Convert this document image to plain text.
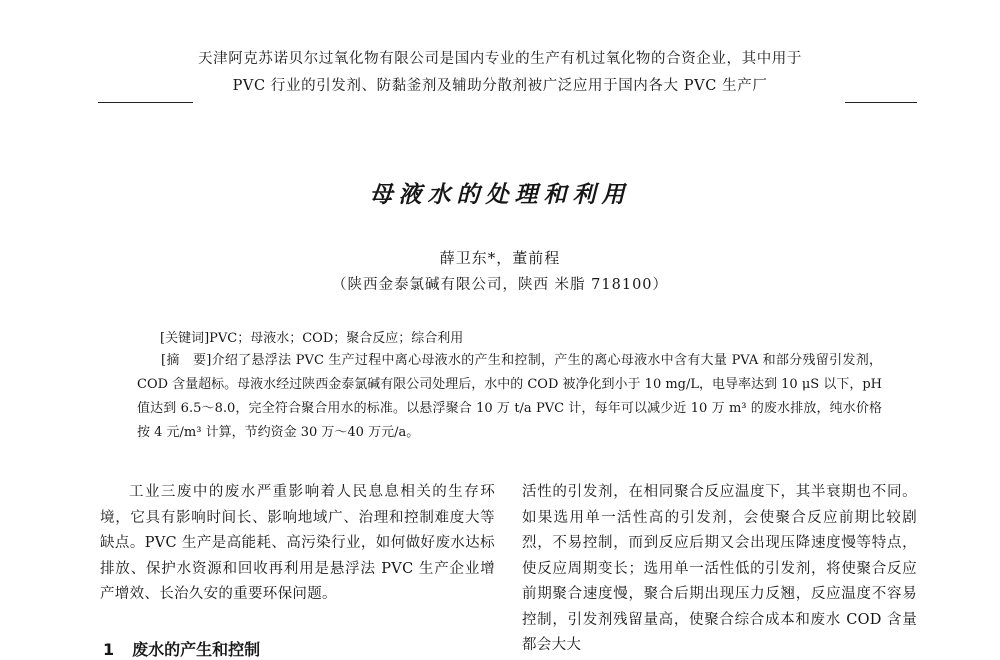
天津阿克苏诺贝尔过氧化物有限公司是国内专业的生产有机过氧化物的合资企业，其中用于
PVC 行业的引发剂、防黏釜剂及辅助分散剂被广泛应用于国内各大 PVC 生产厂
母液水的处理和利用
薛卫东*，董前程
（陕西金泰氯碱有限公司，陕西 米脂 718100）
[关键词]PVC；母液水；COD；聚合反应；综合利用
[摘　要]介绍了悬浮法 PVC 生产过程中离心母液水的产生和控制，产生的离心母液水中含有大量 PVA 和部分残留引发剂，COD 含量超标。母液水经过陕西金泰氯碱有限公司处理后，水中的 COD 被净化到小于 10 mg/L，电导率达到 10 μS 以下，pH 值达到 6.5～8.0，完全符合聚合用水的标准。以悬浮聚合 10 万 t/a PVC 计，每年可以减少近 10 万 m³ 的废水排放，纯水价格按 4 元/m³ 计算，节约资金 30 万～40 万元/a。
工业三废中的废水严重影响着人民息息相关的生存环境，它具有影响时间长、影响地域广、治理和控制难度大等缺点。PVC 生产是高能耗、高污染行业，如何做好废水达标排放、保护水资源和回收再利用是悬浮法 PVC 生产企业增产增效、长治久安的重要环保问题。
活性的引发剂，在相同聚合反应温度下，其半衰期也不同。如果选用单一活性高的引发剂，会使聚合反应前期比较剧烈，不易控制，而到反应后期又会出现压降速度慢等特点，使反应周期变长；选用单一活性低的引发剂，将使聚合反应前期聚合速度慢，聚合后期出现压力反翘，反应温度不容易控制，引发剂残留量高，使聚合综合成本和废水 COD 含量都会大大
1 废水的产生和控制
